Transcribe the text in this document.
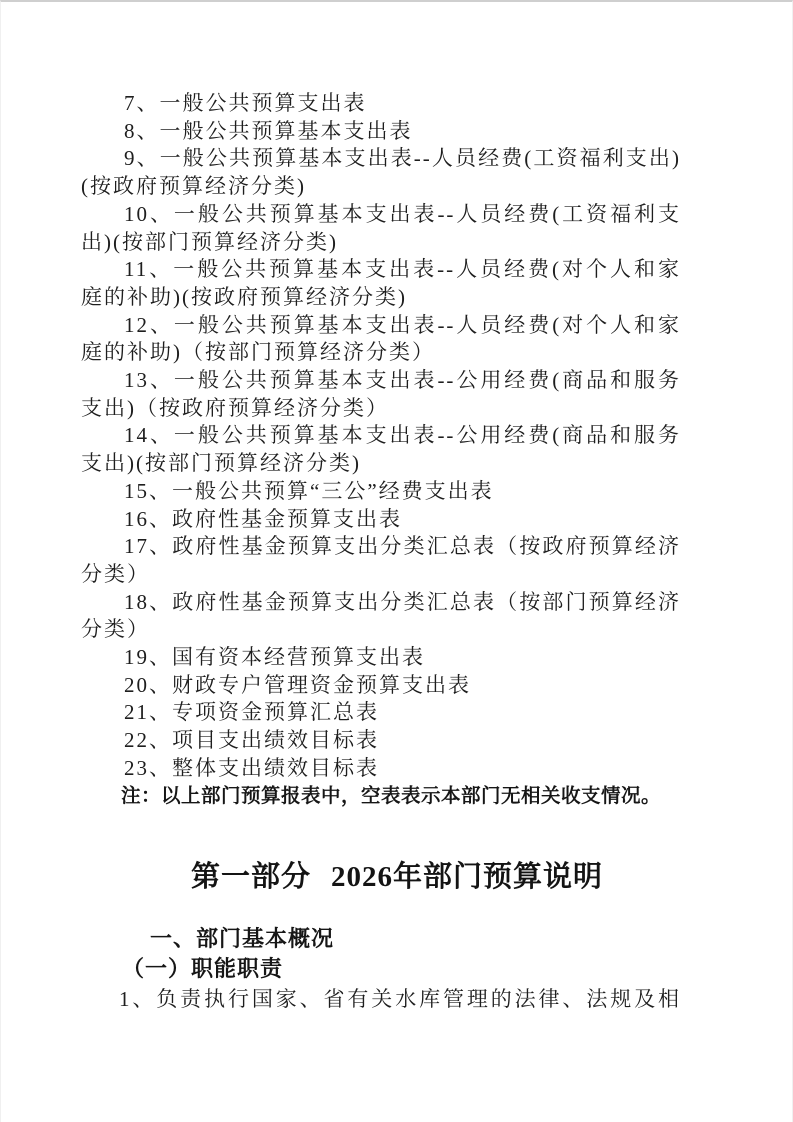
7、一般公共预算支出表

8、一般公共预算基本支出表

9、一般公共预算基本支出表--人员经费(工资福利支出)(按政府预算经济分类)

10、一般公共预算基本支出表--人员经费(工资福利支出)(按部门预算经济分类)

11、一般公共预算基本支出表--人员经费(对个人和家庭的补助)(按政府预算经济分类)

12、一般公共预算基本支出表--人员经费(对个人和家庭的补助)（按部门预算经济分类）

13、一般公共预算基本支出表--公用经费(商品和服务支出)（按政府预算经济分类）

14、一般公共预算基本支出表--公用经费(商品和服务支出)(按部门预算经济分类)

15、一般公共预算“三公”经费支出表

16、政府性基金预算支出表

17、政府性基金预算支出分类汇总表（按政府预算经济分类）

18、政府性基金预算支出分类汇总表（按部门预算经济分类）

19、国有资本经营预算支出表

20、财政专户管理资金预算支出表

21、专项资金预算汇总表

22、项目支出绩效目标表

23、整体支出绩效目标表

注：以上部门预算报表中，空表表示本部门无相关收支情况。

第一部分 2026年部门预算说明

一、部门基本概况

（一）职能职责

1、负责执行国家、省有关水库管理的法律、法规及相
